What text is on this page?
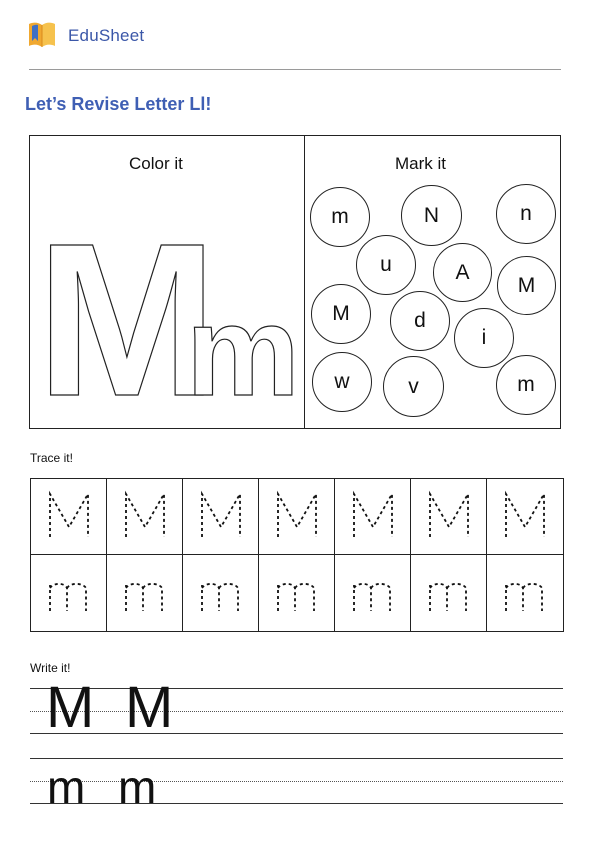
EduSheet
Let’s Revise Letter Ll!
Color it
M
m
Mark it
m	N	n
u	A
M
M	d
i
w	v	m
Trace it!
Write it!
M M
m m
